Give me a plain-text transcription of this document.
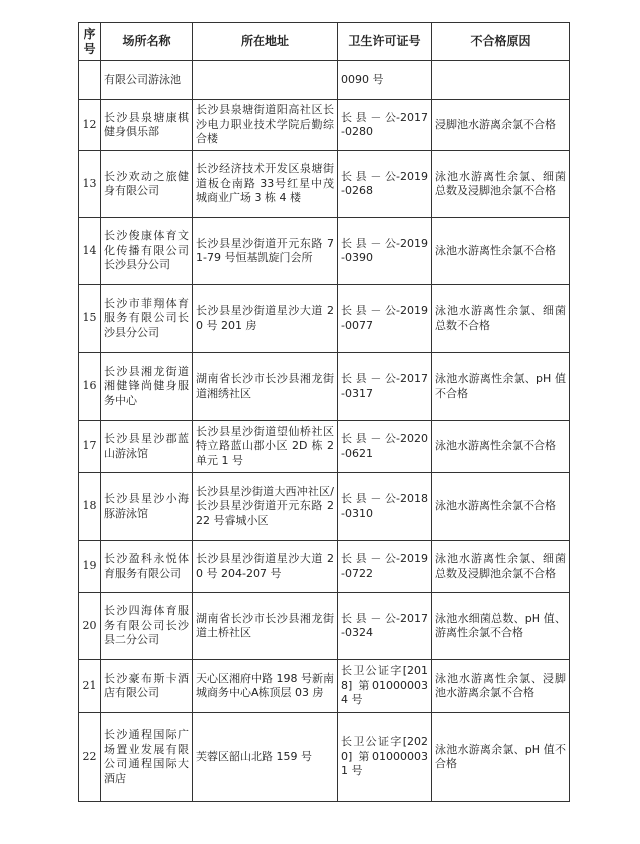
序号	场所名称	所在地址	卫生许可证号	不合格原因

	有限公司游泳池		0090 号	

12	长沙县泉塘康棋健身俱乐部	长沙县泉塘街道阳高社区长沙电力职业技术学院后勤综合楼	长 县 － 公-2017-0280	浸脚池水游离余氯不合格

13	长沙欢动之旅健身有限公司	长沙经济技术开发区泉塘街道板仓南路 33号红星中茂城商业广场 3 栋 4 楼	长 县 － 公-2019-0268	泳池水游离性余氯、细菌总数及浸脚池余氯不合格

14	长沙俊康体育文化传播有限公司长沙县分公司	长沙县星沙街道开元东路 71-79 号恒基凯旋门会所	长 县 － 公-2019-0390	泳池水游离性余氯不合格

15	长沙市菲翔体育服务有限公司长沙县分公司	长沙县星沙街道星沙大道 20 号 201 房	长 县 － 公-2019-0077	泳池水游离性余氯、细菌总数不合格

16	长沙县湘龙街道湘健锋尚健身服务中心	湖南省长沙市长沙县湘龙街道湘绣社区	长 县 － 公-2017-0317	泳池水游离性余氯、pH 值不合格

17	长沙县星沙郡蓝山游泳馆	长沙县星沙街道望仙桥社区特立路蓝山郡小区 2D 栋 2 单元 1 号	长 县 － 公-2020-0621	泳池水游离性余氯不合格

18	长沙县星沙小海豚游泳馆	长沙县星沙街道大西冲社区/长沙县星沙街道开元东路 222 号睿城小区	长 县 － 公-2018-0310	泳池水游离性余氯不合格

19	长沙盈科永悦体育服务有限公司	长沙县星沙街道星沙大道 20 号 204-207 号	长 县 － 公-2019-0722	泳池水游离性余氯、细菌总数及浸脚池余氯不合格

20	长沙四海体育服务有限公司长沙县二分公司	湖南省长沙市长沙县湘龙街道土桥社区	长 县 － 公-2017-0324	泳池水细菌总数、pH 值、游离性余氯不合格

21	长沙豪布斯卡酒店有限公司	天心区湘府中路 198 号新南城商务中心A栋顶层 03 房	长卫公证字[2018] 第010000034 号	泳池水游离性余氯、浸脚池水游离余氯不合格

22	长沙通程国际广场置业发展有限公司通程国际大酒店	芙蓉区韶山北路 159 号	长卫公证字[2020] 第010000031 号	泳池水游离余氯、pH 值不合格
